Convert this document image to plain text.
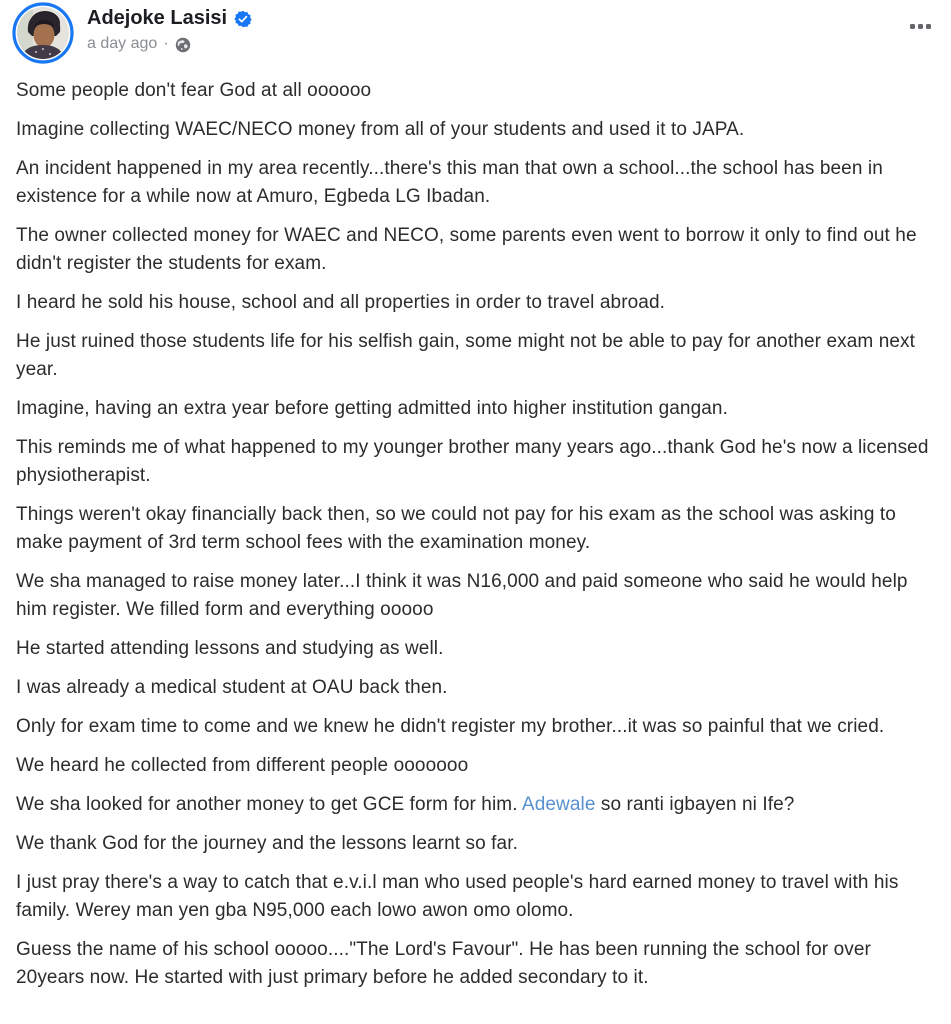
Adejoke Lasisi
a day ago ·

Some people don't fear God at all oooooo

Imagine collecting WAEC/NECO money from all of your students and used it to JAPA.

An incident happened in my area recently...there's this man that own a school...the school has been in existence for a while now at Amuro, Egbeda LG Ibadan.

The owner collected money for WAEC and NECO, some parents even went to borrow it only to find out he didn't register the students for exam.

I heard he sold his house, school and all properties in order to travel abroad.

He just ruined those students life for his selfish gain, some might not be able to pay for another exam next year.

Imagine, having an extra year before getting admitted into higher institution gangan.

This reminds me of what happened to my younger brother many years ago...thank God he's now a licensed physiotherapist.

Things weren't okay financially back then, so we could not pay for his exam as the school was asking to make payment of 3rd term school fees with the examination money.

We sha managed to raise money later...I think it was N16,000 and paid someone who said he would help him register. We filled form and everything ooooo

He started attending lessons and studying as well.

I was already a medical student at OAU back then.

Only for exam time to come and we knew he didn't register my brother...it was so painful that we cried.

We heard he collected from different people ooooooo

We sha looked for another money to get GCE form for him. Adewale so ranti igbayen ni Ife?

We thank God for the journey and the lessons learnt so far.

I just pray there's a way to catch that e.v.i.l man who used people's hard earned money to travel with his family. Werey man yen gba N95,000 each lowo awon omo olomo.

Guess the name of his school ooooo...."The Lord's Favour". He has been running the school for over 20years now. He started with just primary before he added secondary to it.
